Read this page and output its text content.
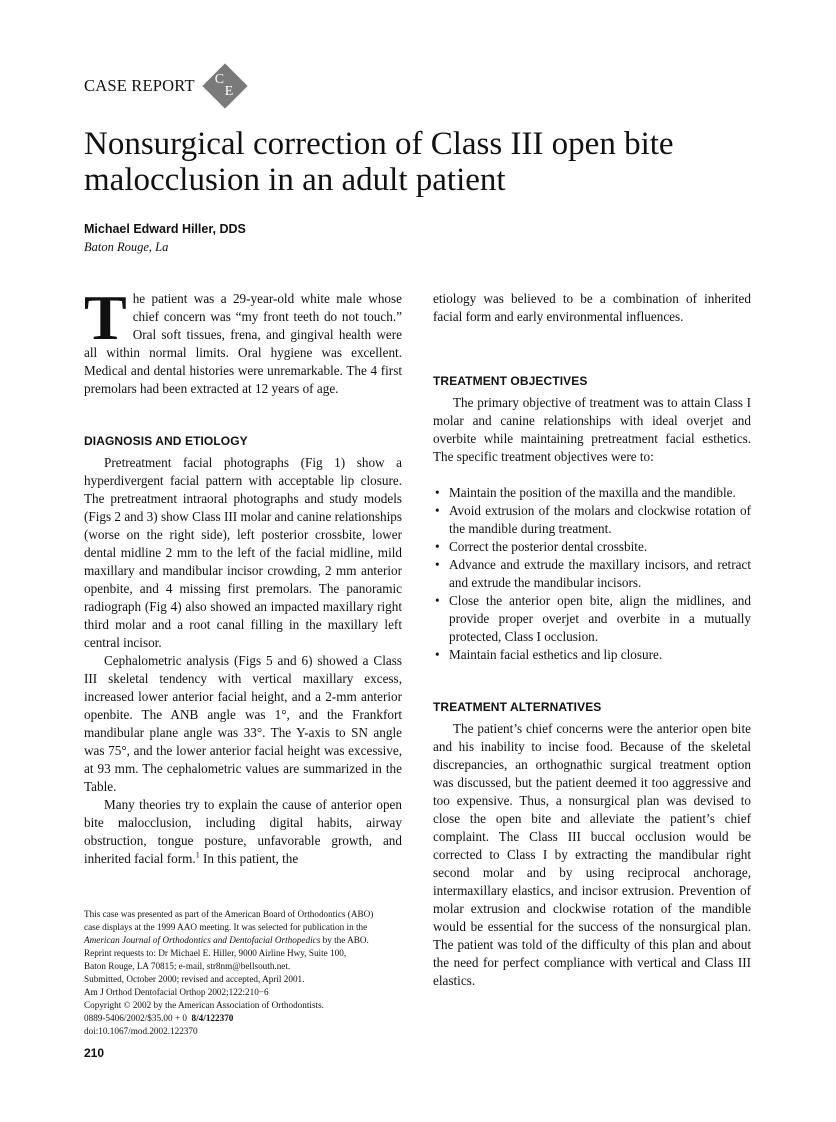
CASE REPORT C
E
Nonsurgical correction of Class III open bite malocclusion in an adult patient
Michael Edward Hiller, DDS
Baton Rouge, La

The patient was a 29-year-old white male whose chief concern was “my front teeth do not touch.” Oral soft tissues, frena, and gingival health were all within normal limits. Oral hygiene was excellent. Medical and dental histories were unremarkable. The 4 first premolars had been extracted at 12 years of age.

DIAGNOSIS AND ETIOLOGY

Pretreatment facial photographs (Fig 1) show a hyperdivergent facial pattern with acceptable lip closure. The pretreatment intraoral photographs and study models (Figs 2 and 3) show Class III molar and canine relationships (worse on the right side), left posterior crossbite, lower dental midline 2 mm to the left of the facial midline, mild maxillary and mandibular incisor crowding, 2 mm anterior openbite, and 4 missing first premolars. The panoramic radiograph (Fig 4) also showed an impacted maxillary right third molar and a root canal filling in the maxillary left central incisor.

Cephalometric analysis (Figs 5 and 6) showed a Class III skeletal tendency with vertical maxillary excess, increased lower anterior facial height, and a 2-mm anterior openbite. The ANB angle was 1°, and the Frankfort mandibular plane angle was 33°. The Y-axis to SN angle was 75°, and the lower anterior facial height was excessive, at 93 mm. The cephalometric values are summarized in the Table.

Many theories try to explain the cause of anterior open bite malocclusion, including digital habits, airway obstruction, tongue posture, unfavorable growth, and inherited facial form.$^1$ In this patient, the

etiology was believed to be a combination of inherited facial form and early environmental influences.

TREATMENT OBJECTIVES

The primary objective of treatment was to attain Class I molar and canine relationships with ideal overjet and overbite while maintaining pretreatment facial esthetics. The specific treatment objectives were to:

• Maintain the position of the maxilla and the mandible.
• Avoid extrusion of the molars and clockwise rotation of the mandible during treatment.
• Correct the posterior dental crossbite.
• Advance and extrude the maxillary incisors, and retract and extrude the mandibular incisors.
• Close the anterior open bite, align the midlines, and provide proper overjet and overbite in a mutually protected, Class I occlusion.
• Maintain facial esthetics and lip closure.
TREATMENT ALTERNATIVES

The patient’s chief concerns were the anterior open bite and his inability to incise food. Because of the skeletal discrepancies, an orthognathic surgical treatment option was discussed, but the patient deemed it too aggressive and too expensive. Thus, a nonsurgical plan was devised to close the open bite and alleviate the patient’s chief complaint. The Class III buccal occlusion would be corrected to Class I by extracting the mandibular right second molar and by using reciprocal anchorage, intermaxillary elastics, and incisor extrusion. Prevention of molar extrusion and clockwise rotation of the mandible would be essential for the success of the nonsurgical plan. The patient was told of the difficulty of this plan and about the need for perfect compliance with vertical and Class III elastics.

This case was presented as part of the American Board of Orthodontics (ABO)
case displays at the 1999 AAO meeting. It was selected for publication in the
American Journal of Orthodontics and Dentofacial Orthopedics by the ABO.
Reprint requests to: Dr Michael E. Hiller, 9000 Airline Hwy, Suite 100,
Baton Rouge, LA 70815; e-mail, str8nm@bellsouth.net.
Submitted, October 2000; revised and accepted, April 2001.
Am J Orthod Dentofacial Orthop 2002;122:210−6
Copyright © 2002 by the American Association of Orthodontists.
0889-5406/2002/$35.00 + 0  8/4/122370
doi:10.1067/mod.2002.122370
210
